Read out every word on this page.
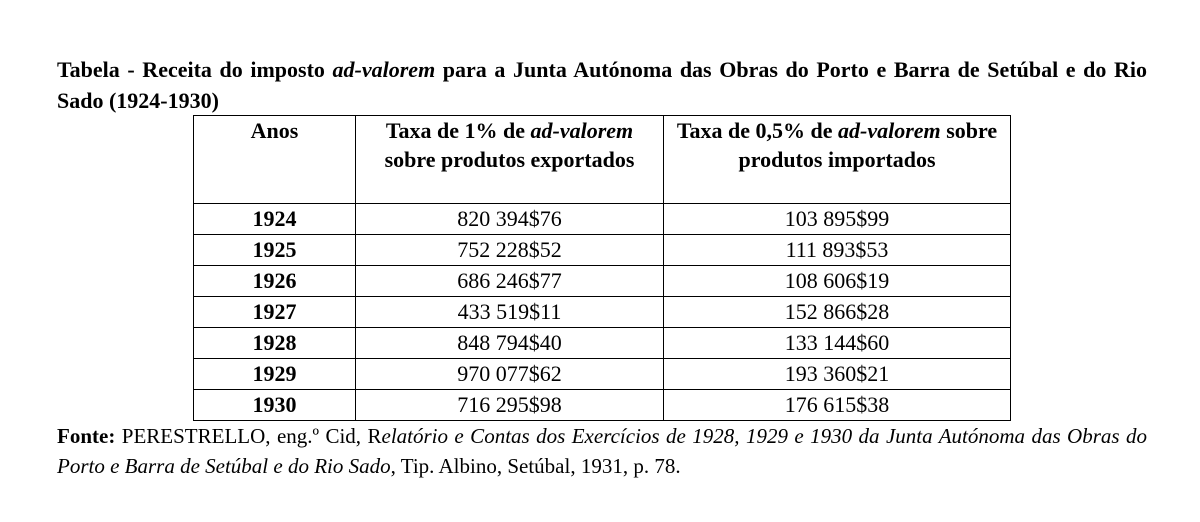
Tabela - Receita do imposto ad-valorem para a Junta Autónoma das Obras do Porto e Barra de Setúbal e do Rio Sado (1924-1930)
Anos	Taxa de 1% de ad-valorem sobre produtos exportados	Taxa de 0,5% de ad-valorem sobre produtos importados
1924	820 394$76	103 895$99
1925	752 228$52	111 893$53
1926	686 246$77	108 606$19
1927	433 519$11	152 866$28
1928	848 794$40	133 144$60
1929	970 077$62	193 360$21
1930	716 295$98	176 615$38
Fonte: PERESTRELLO, eng.º Cid, Relatório e Contas dos Exercícios de 1928, 1929 e 1930 da Junta Autónoma das Obras do Porto e Barra de Setúbal e do Rio Sado, Tip. Albino, Setúbal, 1931, p. 78.
